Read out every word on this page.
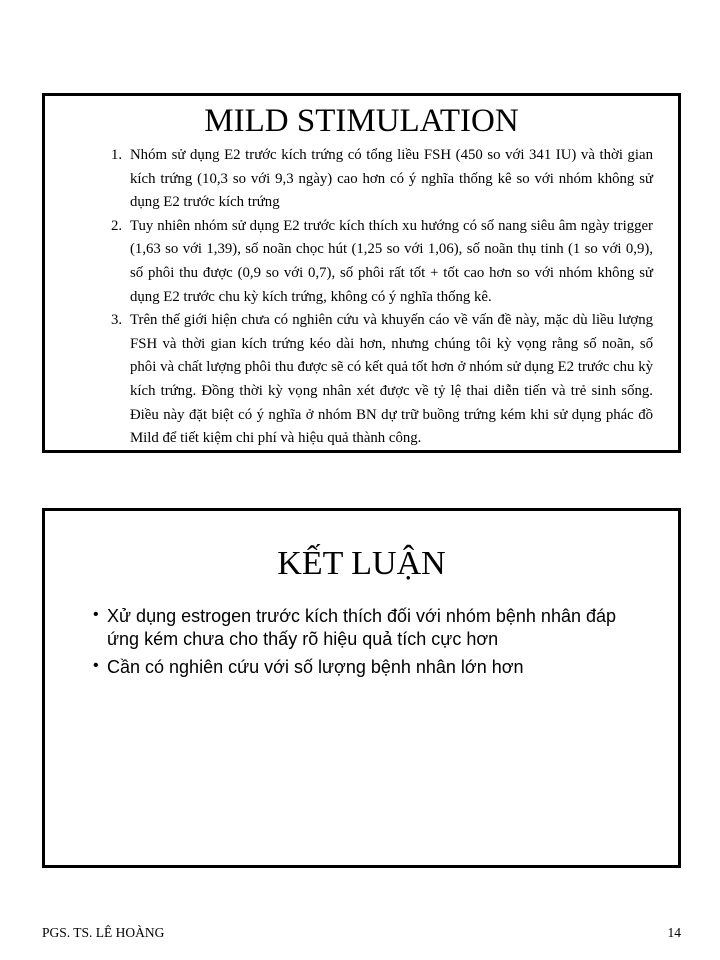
MILD STIMULATION
1. Nhóm sử dụng E2 trước kích trứng có tổng liều FSH (450 so với 341 IU) và thời gian kích trứng (10,3 so với 9,3 ngày) cao hơn có ý nghĩa thống kê so với nhóm không sử dụng E2 trước kích trứng
2. Tuy nhiên nhóm sử dụng E2 trước kích thích xu hướng có số nang siêu âm ngày trigger (1,63 so với 1,39), số noãn chọc hút (1,25 so với 1,06), số noãn thụ tinh (1 so với 0,9), số phôi thu được (0,9 so với 0,7), số phôi rất tốt + tốt cao hơn so với nhóm không sử dụng E2 trước chu kỳ kích trứng, không có ý nghĩa thống kê.
3. Trên thế giới hiện chưa có nghiên cứu và khuyến cáo về vấn đề này, mặc dù liều lượng FSH và thời gian kích trứng kéo dài hơn, nhưng chúng tôi kỳ vọng rằng số noãn, số phôi và chất lượng phôi thu được sẽ có kết quả tốt hơn ở nhóm sử dụng E2 trước chu kỳ kích trứng. Đồng thời kỳ vọng nhân xét được về tỷ lệ thai diễn tiến và trẻ sinh sống. Điều này đặt biệt có ý nghĩa ở nhóm BN dự trữ buồng trứng kém khi sử dụng phác đồ Mild để tiết kiệm chi phí và hiệu quả thành công.
KẾT LUẬN
• Xử dụng estrogen trước kích thích đối với nhóm bệnh nhân đáp ứng kém chưa cho thấy rõ hiệu quả tích cực hơn
• Cần có nghiên cứu với số lượng bệnh nhân lớn hơn
PGS. TS. LÊ HOÀNG	14
